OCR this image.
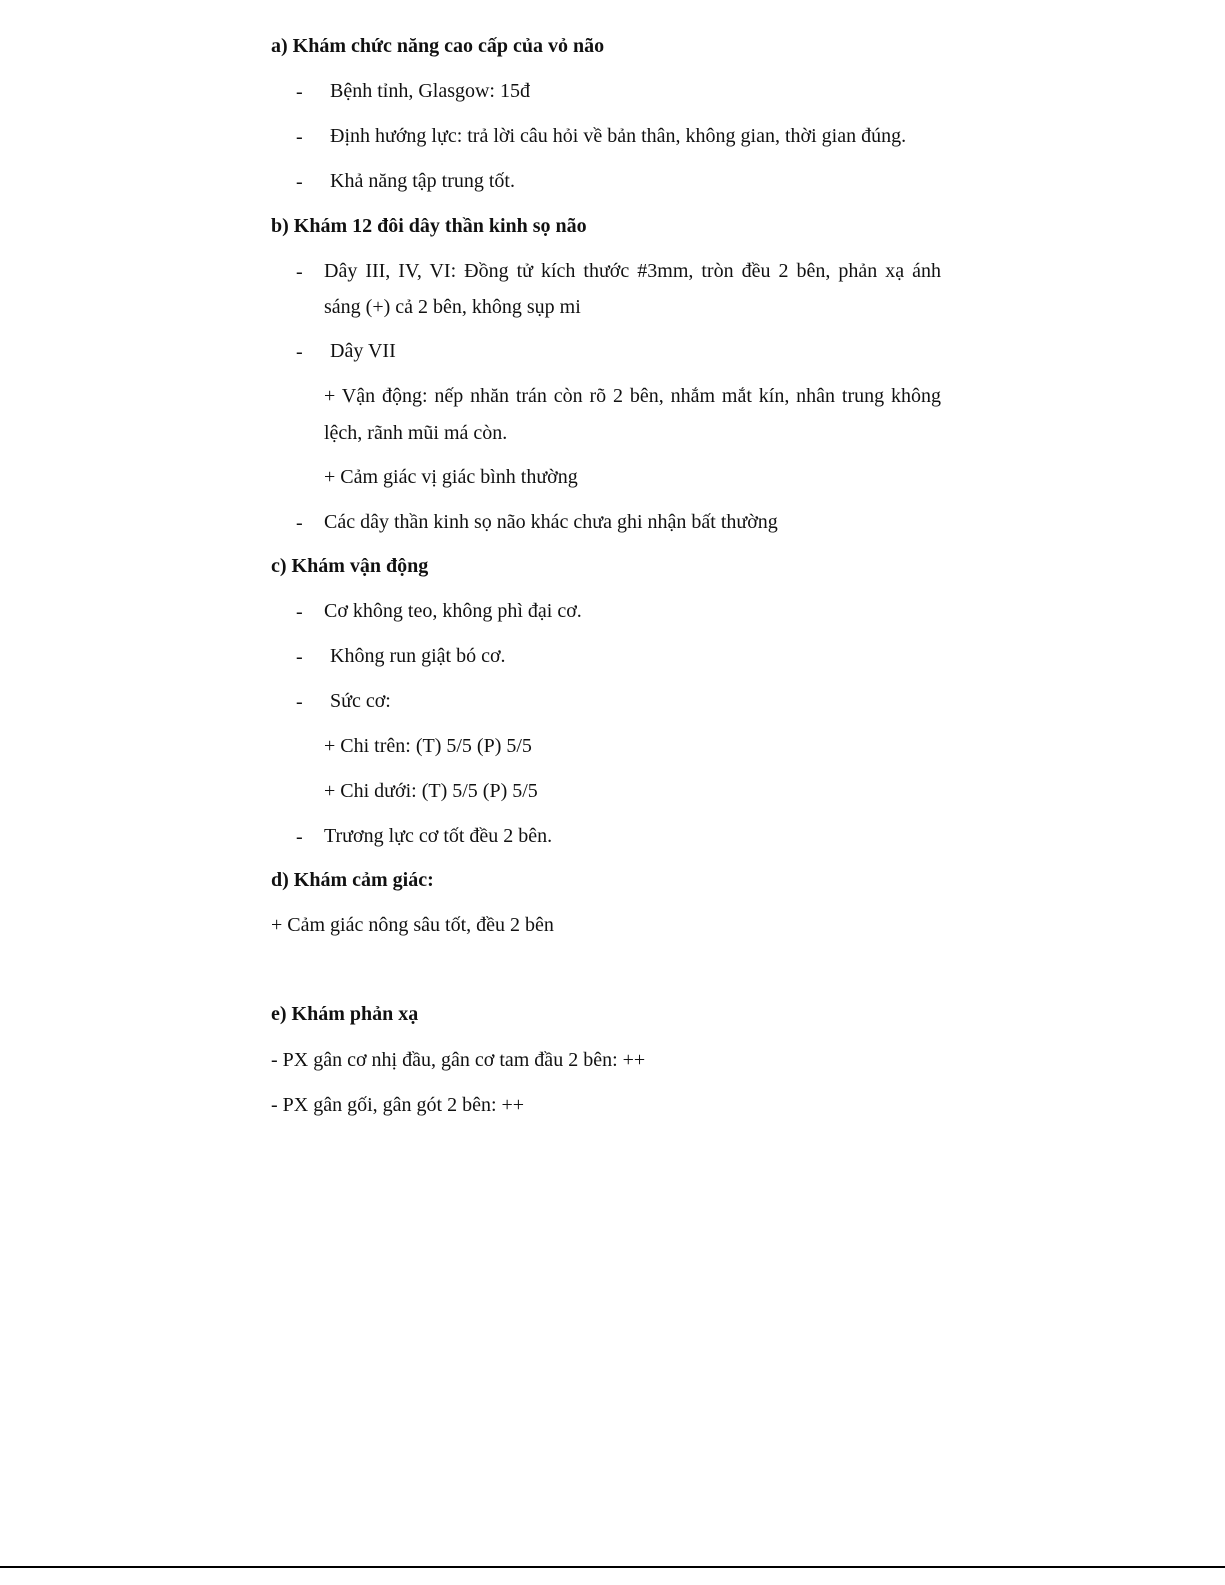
a) Khám chức năng cao cấp của vỏ não
- Bệnh tỉnh, Glasgow: 15đ
- Định hướng lực: trả lời câu hỏi về bản thân, không gian, thời gian đúng.
- Khả năng tập trung tốt.
b) Khám 12 đôi dây thần kinh sọ não
- Dây III, IV, VI: Đồng tử kích thước #3mm, tròn đều 2 bên, phản xạ ánh
sáng (+) cả 2 bên, không sụp mi
- Dây VII
+ Vận động: nếp nhăn trán còn rõ 2 bên, nhắm mắt kín, nhân trung không
lệch, rãnh mũi má còn.
+ Cảm giác vị giác bình thường
- Các dây thần kinh sọ não khác chưa ghi nhận bất thường
c) Khám vận động
- Cơ không teo, không phì đại cơ.
- Không run giật bó cơ.
- Sức cơ:
+ Chi trên: (T) 5/5 (P) 5/5
+ Chi dưới: (T) 5/5 (P) 5/5
- Trương lực cơ tốt đều 2 bên.
d) Khám cảm giác:
+ Cảm giác nông sâu tốt, đều 2 bên
e) Khám phản xạ
- PX gân cơ nhị đầu, gân cơ tam đầu 2 bên: ++
- PX gân gối, gân gót 2 bên: ++
